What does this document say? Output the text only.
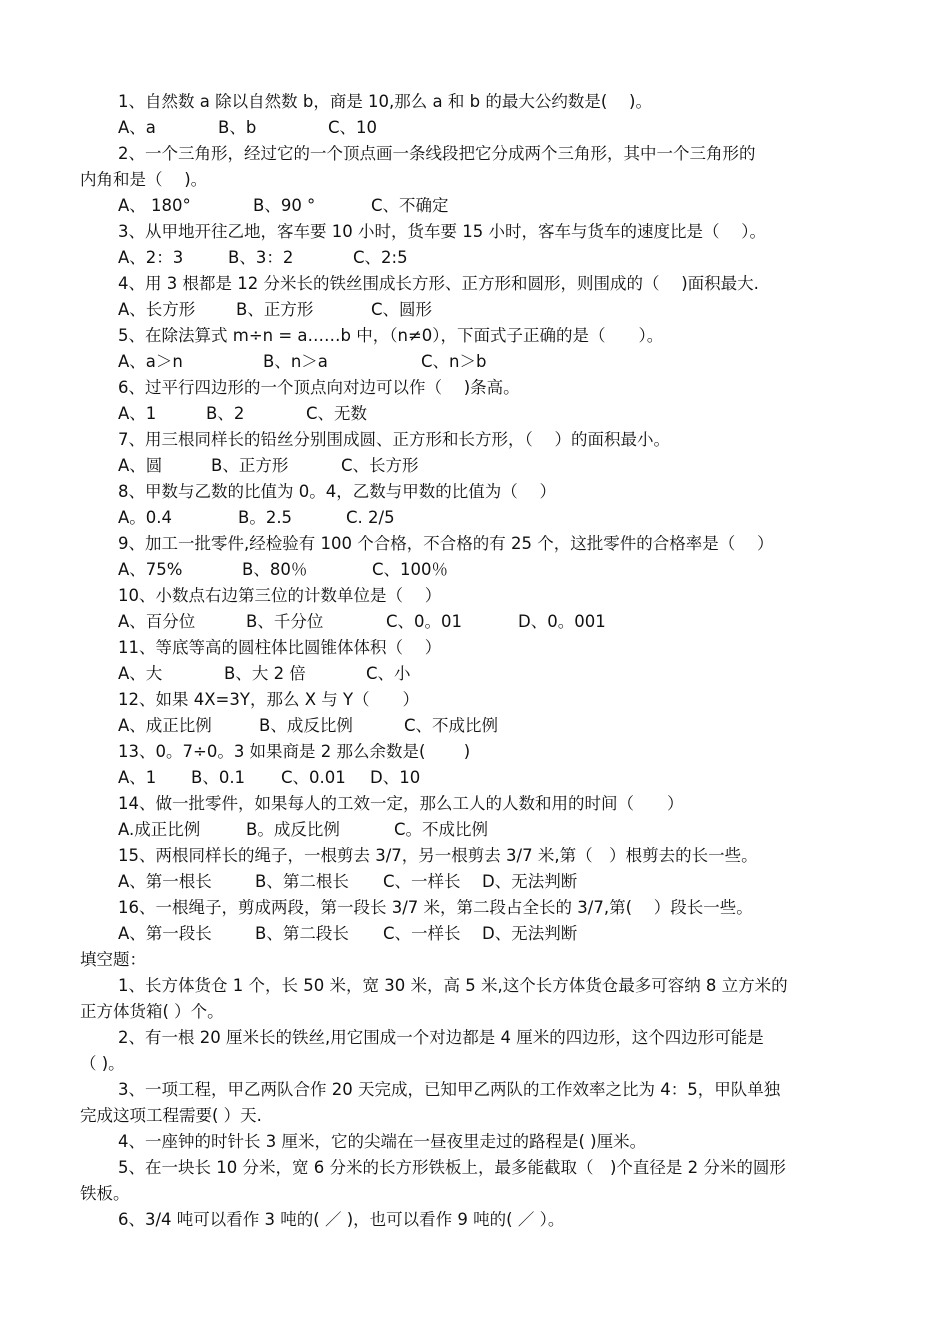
1、自然数 a 除以自然数 b，商是 10,那么 a 和 b 的最大公约数是(　 )。
A、a	B、b	C、10
2、一个三角形，经过它的一个顶点画一条线段把它分成两个三角形，其中一个三角形的
内角和是（　 )。
A、 180°	B、90 °	C、不确定
3、从甲地开往乙地，客车要 10 小时，货车要 15 小时，客车与货车的速度比是（　 ）。
A、2：3	B、3：2	C、2:5
4、用 3 根都是 12 分米长的铁丝围成长方形、正方形和圆形，则围成的（　 )面积最大.
A、长方形 B、正方形	C、圆形
5、在除法算式 m÷n = a……b 中，（n≠0），下面式子正确的是（　　）。
A、a＞n	B、n＞a	C、n＞b
6、过平行四边形的一个顶点向对边可以作（　 )条高。
A、1	B、2	C、无数
7、用三根同样长的铅丝分别围成圆、正方形和长方形，（　 ）的面积最小。
A、圆	B、正方形	C、长方形
8、甲数与乙数的比值为 0。4，乙数与甲数的比值为（　 ）
A。0.4	B。2.5	C. 2/5
9、加工一批零件,经检验有 100 个合格，不合格的有 25 个，这批零件的合格率是（　 ）
A、75%	B、80％	C、100％
10、小数点右边第三位的计数单位是（　 ）
A、百分位	B、千分位	C、0。01	D、0。001
11、等底等高的圆柱体比圆锥体体积（　 ）
A、大	B、大 2 倍	C、小
12、如果 4X=3Y，那么 X 与 Y（　　）
A、成正比例	B、成反比例	C、不成比例
13、0。7÷0。3 如果商是 2 那么余数是(　　 )
A、1 B、0.1 C、0.01 D、10
14、做一批零件，如果每人的工效一定，那么工人的人数和用的时间（　　）
A.成正比例	B。成反比例	C。不成比例
15、两根同样长的绳子，一根剪去 3/7，另一根剪去 3/7 米,第（　）根剪去的长一些。
A、第一根长	B、第二根长 C、一样长 D、无法判断
16、一根绳子，剪成两段，第一段长 3/7 米，第二段占全长的 3/7,第(　 ）段长一些。
A、第一段长	B、第二段长 C、一样长 D、无法判断
填空题：
1、长方体货仓 1 个，长 50 米，宽 30 米，高 5 米,这个长方体货仓最多可容纳 8 立方米的
正方体货箱( ）个。
2、有一根 20 厘米长的铁丝,用它围成一个对边都是 4 厘米的四边形，这个四边形可能是
（ )。
3、一项工程，甲乙两队合作 20 天完成，已知甲乙两队的工作效率之比为 4：5，甲队单独
完成这项工程需要( ）天.
4、一座钟的时针长 3 厘米，它的尖端在一昼夜里走过的路程是( )厘米。
5、在一块长 10 分米，宽 6 分米的长方形铁板上，最多能截取（　)个直径是 2 分米的圆形
铁板。
6、3/4 吨可以看作 3 吨的( ／ )，也可以看作 9 吨的( ／ ）。
